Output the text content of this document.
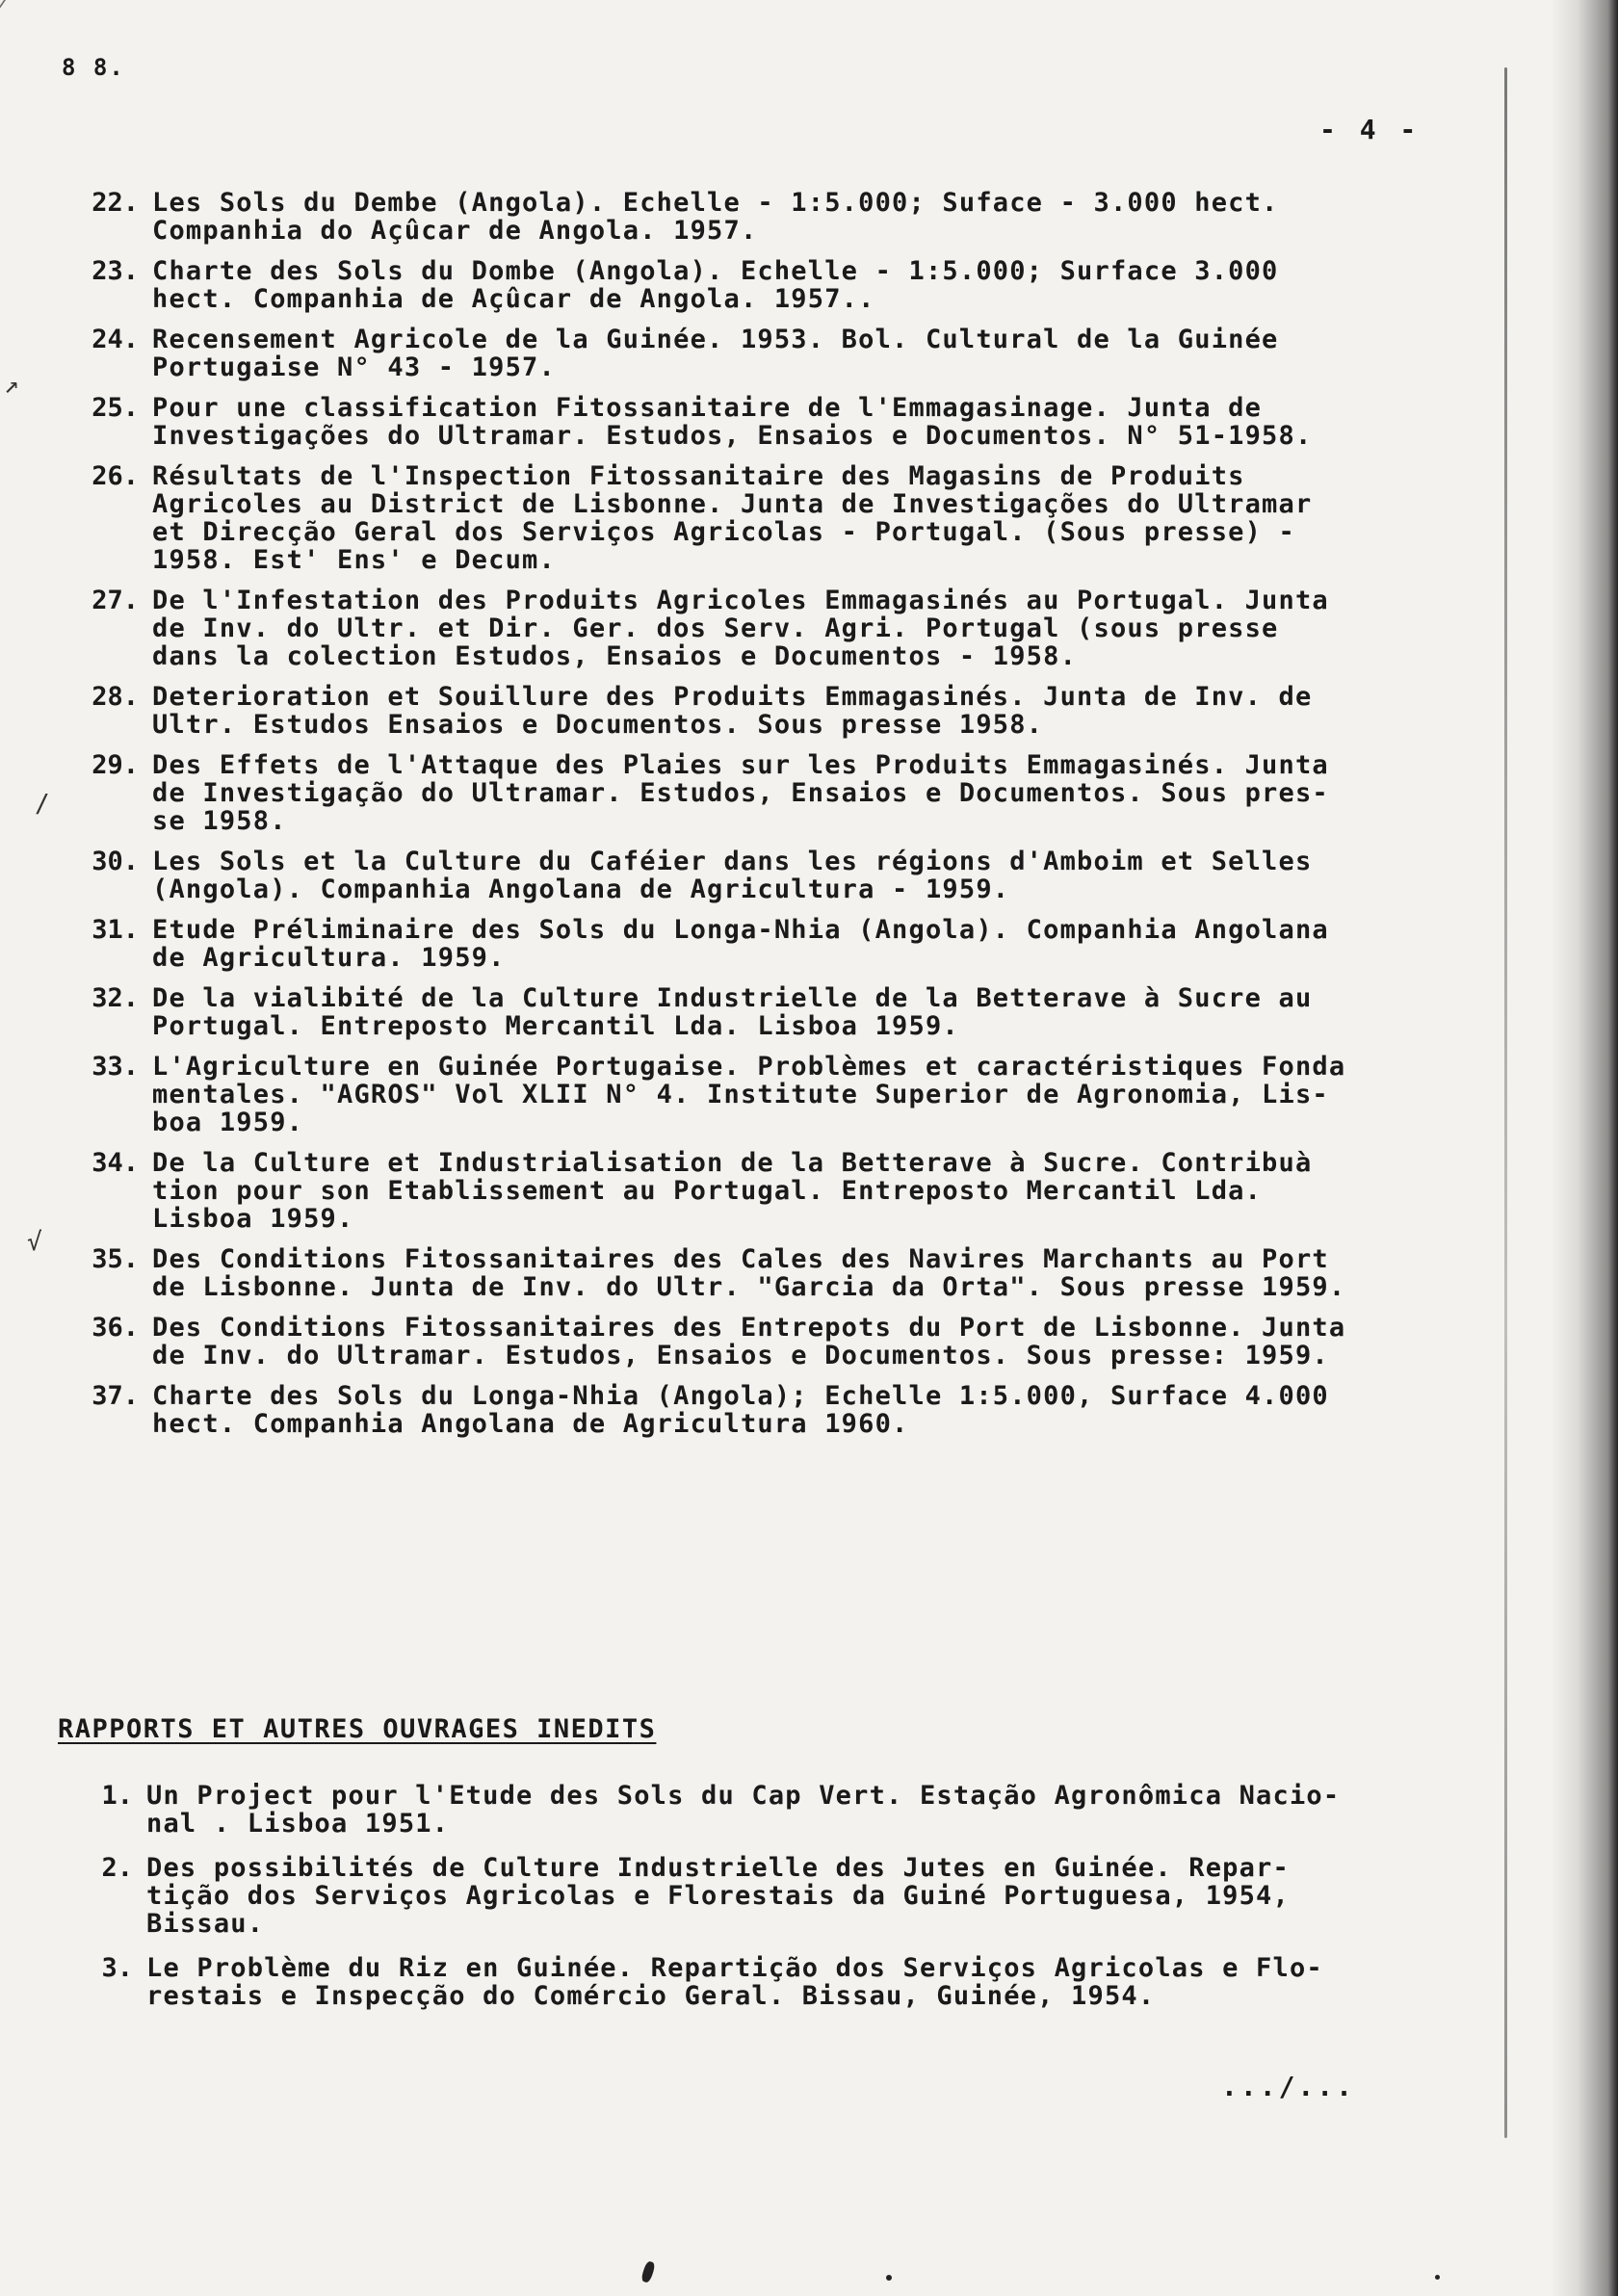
8 8.
- 4 -
↗
/
√
22. Les Sols du Dembe (Angola). Echelle - 1:5.000; Suface - 3.000 hect.
Companhia do Açûcar de Angola. 1957.
23. Charte des Sols du Dombe (Angola). Echelle - 1:5.000; Surface 3.000
hect. Companhia de Açûcar de Angola. 1957..
24. Recensement Agricole de la Guinée. 1953. Bol. Cultural de la Guinée
Portugaise N° 43 - 1957.
25. Pour une classification Fitossanitaire de l'Emmagasinage. Junta de
Investigações do Ultramar. Estudos, Ensaios e Documentos. N° 51-1958.
26. Résultats de l'Inspection Fitossanitaire des Magasins de Produits
Agricoles au District de Lisbonne. Junta de Investigações do Ultramar
et Direcção Geral dos Serviços Agricolas - Portugal. (Sous presse) -
1958. Est' Ens' e Decum.
27. De l'Infestation des Produits Agricoles Emmagasinés au Portugal. Junta
de Inv. do Ultr. et Dir. Ger. dos Serv. Agri. Portugal (sous presse
dans la colection Estudos, Ensaios e Documentos - 1958.
28. Deterioration et Souillure des Produits Emmagasinés. Junta de Inv. de
Ultr. Estudos Ensaios e Documentos. Sous presse 1958.
29. Des Effets de l'Attaque des Plaies sur les Produits Emmagasinés. Junta
de Investigação do Ultramar. Estudos, Ensaios e Documentos. Sous pres-
se 1958.
30. Les Sols et la Culture du Caféier dans les régions d'Amboim et Selles
(Angola). Companhia Angolana de Agricultura - 1959.
31. Etude Préliminaire des Sols du Longa-Nhia (Angola). Companhia Angolana
de Agricultura. 1959.
32. De la vialibité de la Culture Industrielle de la Betterave à Sucre au
Portugal. Entreposto Mercantil Lda. Lisboa 1959.
33. L'Agriculture en Guinée Portugaise. Problèmes et caractéristiques Fonda
mentales. "AGROS" Vol XLII N° 4. Institute Superior de Agronomia, Lis-
boa 1959.
34. De la Culture et Industrialisation de la Betterave à Sucre. Contribuà
tion pour son Etablissement au Portugal. Entreposto Mercantil Lda.
Lisboa 1959.
35. Des Conditions Fitossanitaires des Cales des Navires Marchants au Port
de Lisbonne. Junta de Inv. do Ultr. "Garcia da Orta". Sous presse 1959.
36. Des Conditions Fitossanitaires des Entrepots du Port de Lisbonne. Junta
de Inv. do Ultramar. Estudos, Ensaios e Documentos. Sous presse: 1959.
37. Charte des Sols du Longa-Nhia (Angola); Echelle 1:5.000, Surface 4.000
hect. Companhia Angolana de Agricultura 1960.
RAPPORTS ET AUTRES OUVRAGES INEDITS
1. Un Project pour l'Etude des Sols du Cap Vert. Estação Agronômica Nacio-
nal . Lisboa 1951.
2. Des possibilités de Culture Industrielle des Jutes en Guinée. Repar-
tição dos Serviços Agricolas e Florestais da Guiné Portuguesa, 1954,
Bissau.
3. Le Problème du Riz en Guinée. Repartição dos Serviços Agricolas e Flo-
restais e Inspecção do Comércio Geral. Bissau, Guinée, 1954.
.../...
